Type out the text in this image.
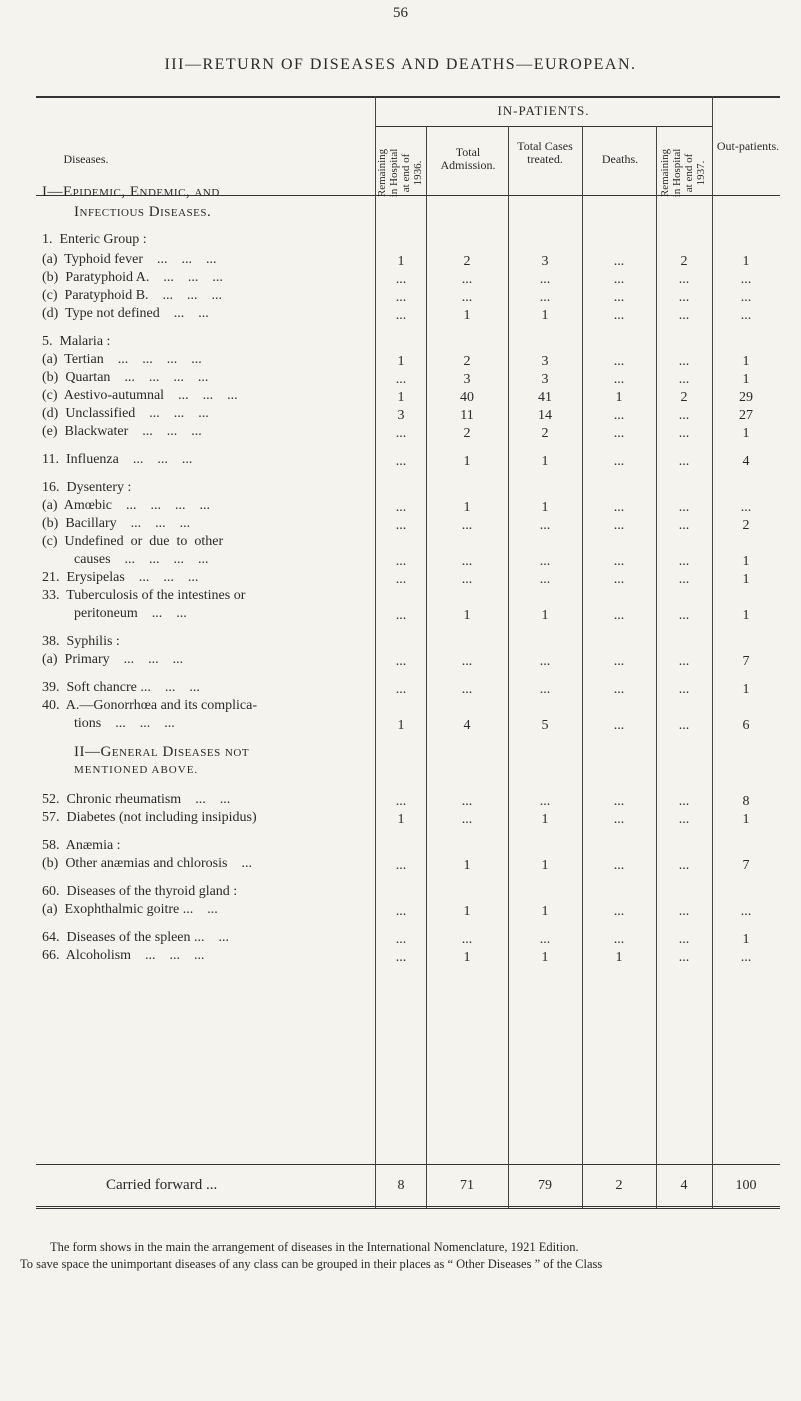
56
III—RETURN OF DISEASES AND DEATHS—EUROPEAN.
Diseases.
IN-PATIENTS.
Remaining in Hospital at end of 1936.
Total Admission.
Total Cases treated.	Deaths.	Remaining in Hospital at end of 1937.
Out-patients.
I—Epidemic, Endemic, and
Infectious Diseases.
1.  Enteric Group :
(a)  Typhoid fever    ...    ...    ...	1	2	3	...	2	1
(b)  Paratyphoid A.    ...    ...    ...	...	...	...	...	...	...
(c)  Paratyphoid B.    ...    ...    ...	...	...	...	...	...	...
(d)  Type not defined    ...    ...	...	1	1	...	...	...
5.  Malaria :
(a)  Tertian    ...    ...    ...    ...	1	2	3	...	...	1
(b)  Quartan    ...    ...    ...    ...	...	3	3	...	...	1
(c)  Aestivo-autumnal    ...    ...    ...	1	40	41	1	2	29
(d)  Unclassified    ...    ...    ...	3	11	14	...	...	27
(e)  Blackwater    ...    ...    ...	...	2	2	...	...	1
11.  Influenza    ...    ...    ...	...	1	1	...	...	4
16.  Dysentery :
(a)  Amœbic    ...    ...    ...    ...	...	1	1	...	...	...
(b)  Bacillary    ...    ...    ...	...	...	...	...	...	2
(c)  Undefined  or  due  to  other
causes    ...    ...    ...    ...	...	...	...	...	...	1
21.  Erysipelas    ...    ...    ...	...	...	...	...	...	1
33.  Tuberculosis of the intestines or
peritoneum    ...    ...	...	1	1	...	...	1
38.  Syphilis :
(a)  Primary    ...    ...    ...	...	...	...	...	...	7
39.  Soft chancre ...    ...    ...	...	...	...	...	...	1
40.  A.—Gonorrhœa and its complica-
tions    ...    ...    ...	1	4	5	...	...	6
II—General Diseases not
MENTIONED ABOVE.
52.  Chronic rheumatism    ...    ...	...	...	...	...	...	8
57.  Diabetes (not including insipidus)	1	...	1	...	...	1
58.  Anæmia :
(b)  Other anæmias and chlorosis    ...	...	1	1	...	...	7
60.  Diseases of the thyroid gland :
(a)  Exophthalmic goitre ...    ...	...	1	1	...	...	...
64.  Diseases of the spleen ...    ...	...	...	...	...	...	1
66.  Alcoholism    ...    ...    ...	...	1	1	1	...	...
Carried forward ...	8	71	79	2	4	100
The form shows in the main the arrangement of diseases in the International Nomenclature, 1921 Edition.
To save space the unimportant diseases of any class can be grouped in their places as “ Other Diseases ” of the Class
